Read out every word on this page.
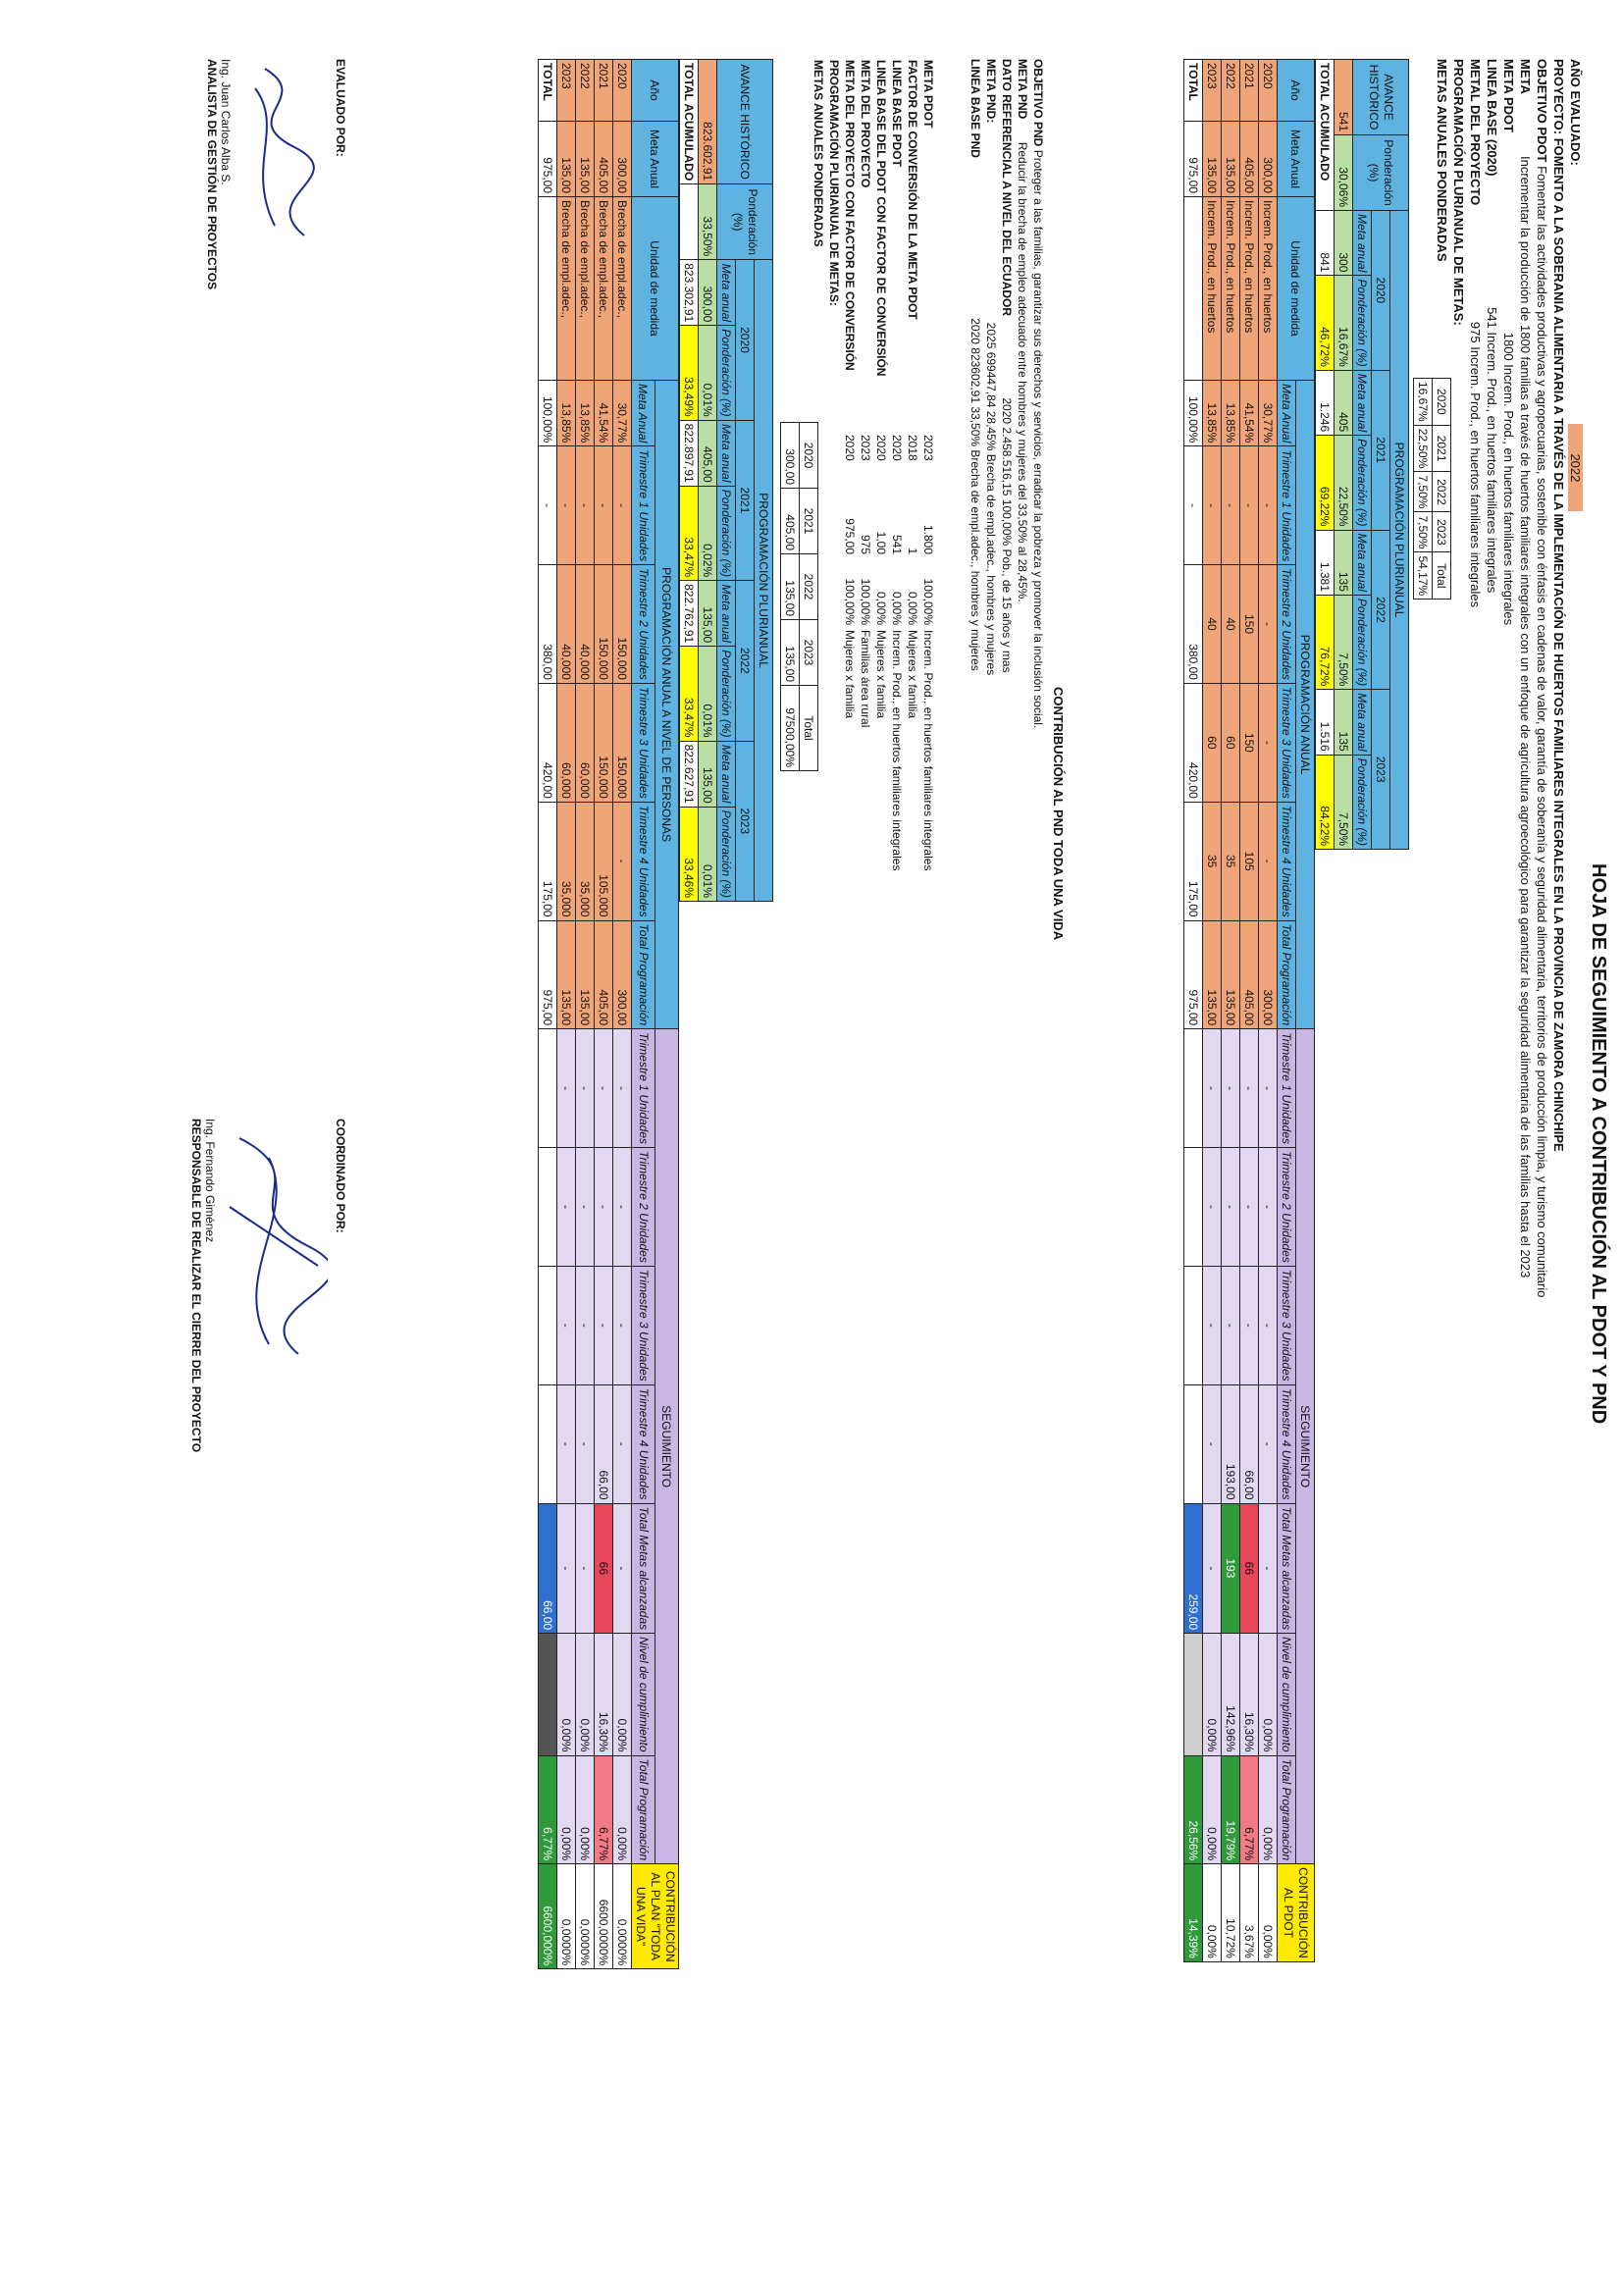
HOJA DE SEGUIMIENTO A CONTRIBUCIÓN AL PDOT Y PND
AÑO EVALUADO: 2022
PROYECTO: FOMENTO A LA SOBERANIA ALIMENTARIA A TRAVÉS DE LA IMPLEMENTACIÓN DE HUERTOS FAMILIARES INTEGRALES EN LA PROVINCIA DE ZAMORA CHINCHIPE
OBJETIVO PDOT Fomentar las actividades productivas y agropecuarias, sostenible con énfasis en cadenas de valor, garantía de soberanía y seguridad alimentaria, territorios de producción limpia, y turismo comunitario
META Incrementar la producción de 1800 familias a través de huertos familiares integrales con un enfoque de agricultura agroecológico para garantizar la seguridad alimentaria de las familias hasta el 2023
META PDOT 1800 Increm. Prod., en huertos familiares integrales
LINEA BASE (2020) 541 Increm. Prod., en huertos familiares integrales
METAL DEL PROYECTO 975 Increm. Prod., en huertos familiares integrales
PROGRAMACIÓN PLURIANUAL DE METAS:
METAS ANUALES PONDERADAS
2020	2021	2022	2023	Total
16,67%	22,50%	7,50%	7,50%	54,17%
AVANCE HISTÓRICO	Ponderación (%)	PROGRAMACIÓN PLURIANUAL							
		2020		2021		2022		2023	
		Meta anual	Ponderación (%)	Meta anual	Ponderación (%)	Meta anual	Ponderación (%)	Meta anual	Ponderación (%)
541	30,06%	300	16,67%	405	22,50%	135	7,50%	135	7,50%
TOTAL ACUMULADO		841	46,72%	1.246	69,22%	1.381	76,72%	1.516	84,22%
Año	Meta Anual	Unidad de medida	PROGRAMACIÓN ANUAL						SEGUIMIENTO							CONTRIBUCIÓN AL PDOT
			Meta Anual	Trimestre 1 Unidades	Trimestre 2 Unidades	Trimestre 3 Unidades	Trimestre 4 Unidades	Total Programación	Trimestre 1 Unidades	Trimestre 2 Unidades	Trimestre 3 Unidades	Trimestre 4 Unidades	Total Metas alcanzadas	Nivel de cumplimiento	Total Programación	
2020	300,00	Increm. Prod., en huertos	30,77%	-	-	-	-	300,00	-	-	-	-	-	0,00%	0,00%	0,00%
2021	405,00	Increm. Prod., en huertos	41,54%	-	150	150	105	405,00	-	-	-	66,00	66	16,30%	6,77%	3,67%
2022	135,00	Increm. Prod., en huertos	13,85%	-	40	60	35	135,00	-	-	-	193,00	193	142,96%	19,79%	10,72%
2023	135,00	Increm. Prod., en huertos	13,85%	-	40	60	35	135,00	-	-	-	-	-	0,00%	0,00%	0,00%
TOTAL	975,00		100,00%	-	380,00	420,00	175,00	975,00					259,00		26,56%	14,39%
CONTRIBUCIÓN AL PND TODA UNA VIDA
OBJETIVO PND Proteger a las familias, garantizar sus derechos y servicios, erradicar la pobreza y promover la inclusión social.
META PND Reducir la brecha de empleo adecuado entre hombres y mujeres del 33,50% al 28,45%.
DATO REFERENCIAL A NIVEL DEL ECUADOR 2020 2.458.516,15 100,00% Pob., de 15 años y mas
META PND: 2025 699447,84 28,45% Brecha de empl.adec., hombres y mujeres
LINEA BASE PND 2020 823602,91 33,50% Brecha de empl.adec., hombres y mujeres
META PDOT	2023	1.800	100,00%	Increm. Prod., en huertos familiares integrales
FACTOR DE CONVERSIÓN DE LA META PDOT	2018	1	0,00%	Mujeres x familia
LINEA BASE PDOT	2020	541	0,00%	Increm. Prod., en huertos familiares integrales
LINEA BASE DEL PDOT CON FACTOR DE CONVERSIÓN	2020	1,00	0,00%	Mujeres x familia
META DEL PROYECTO	2023	975	100,00%	Familias área rural
META DEL PROYECTO CON FACTOR DE CONVERSIÓN	2020	975,00	100,00%	Mujeres x familia
PROGRAMACIÓN PLURIANUAL DE METAS:				
METAS ANUALES PONDERADAS				
2020	2021	2022	2023	Total
300,00	405,00	135,00	135,00	97500,00%
AVANCE HISTÓRICO	Ponderación (%)	PROGRAMACIÓN PLURIANUAL							
		2020		2021		2022		2023	
		Meta anual	Ponderación (%)	Meta anual	Ponderación (%)	Meta anual	Ponderación (%)	Meta anual	Ponderación (%)
823.602,91	33,50%	300,00	0,01%	405,00	0,02%	135,00	0,01%	135,00	0,01%
TOTAL ACUMULADO		823.302,91	33,49%	822.897,91	33,47%	822.762,91	33,47%	822.627,91	33,46%
Año	Meta Anual	Unidad de medida	PROGRAMACIÓN ANUAL A NIVEL DE PERSONAS						SEGUIMIENTO							CONTRIBUCIÓN AL PLAN "TODA UNA VIDA"
			Meta Anual	Trimestre 1 Unidades	Trimestre 2 Unidades	Trimestre 3 Unidades	Trimestre 4 Unidades	Total Programación	Trimestre 1 Unidades	Trimestre 2 Unidades	Trimestre 3 Unidades	Trimestre 4 Unidades	Total Metas alcanzadas	Nivel de cumplimiento	Total Programación	
2020	300,00	Brecha de empl.adec.,	30,77%	-	150,000	150,000	-	300,00	-	-	-	-	-	0,00%	0,00%	0,0000%
2021	405,00	Brecha de empl.adec.,	41,54%	-	150,000	150,000	105,000	405,00	-	-	-	66,00	66	16,30%	6,77%	6600,0000%
2022	135,00	Brecha de empl.adec.,	13,85%	-	40,000	60,000	35,000	135,00	-	-	-	-	-	0,00%	0,00%	0,0000%
2023	135,00	Brecha de empl.adec.,	13,85%	-	40,000	60,000	35,000	135,00	-	-	-	-	-	0,00%	0,00%	0,0000%
TOTAL	975,00		100,00%	-	380,00	420,00	175,00	975,00					66,00		6,77%	6600,000%
EVALUADO POR:
Ing. Juan Carlos Alba S.
ANALISTA DE GESTIÓN DE PROYECTOS
COORDINADO POR:
Ing. Fernando Giménez
RESPONSABLE DE REALIZAR EL CIERRE DEL PROYECTO
